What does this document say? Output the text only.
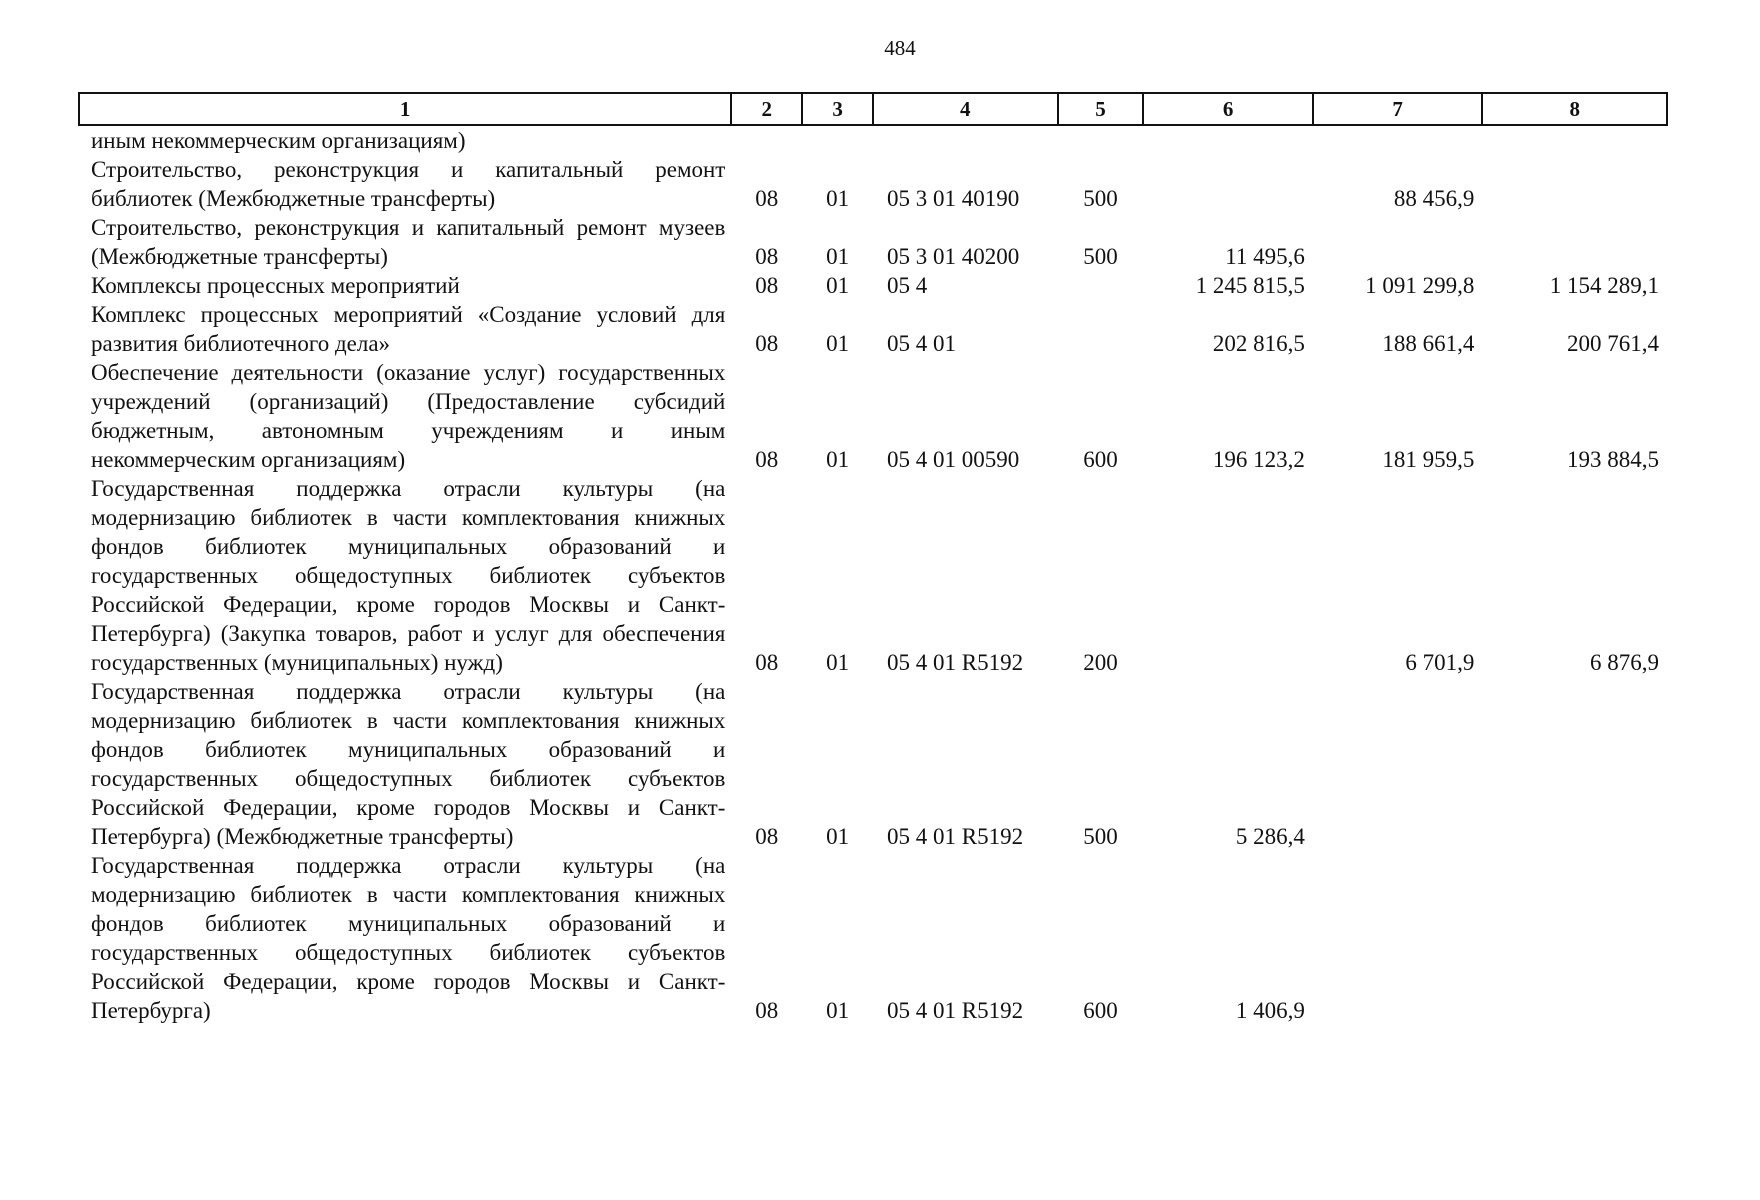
484
1	2	3	4	5	6	7	8
иным некоммерческим организациям)							
Строительство, реконструкция и капитальный ремонт библиотек (Межбюджетные трансферты)	08	01	05 3 01 40190	500		88 456,9	
Строительство, реконструкция и капитальный ремонт музеев (Межбюджетные трансферты)	08	01	05 3 01 40200	500	11 495,6		
Комплексы процессных мероприятий	08	01	05 4		1 245 815,5	1 091 299,8	1 154 289,1
Комплекс процессных мероприятий «Создание условий для развития библиотечного дела»	08	01	05 4 01		202 816,5	188 661,4	200 761,4
Обеспечение деятельности (оказание услуг) государственных учреждений (организаций) (Предоставление субсидий бюджетным, автономным учреждениям и иным некоммерческим организациям)	08	01	05 4 01 00590	600	196 123,2	181 959,5	193 884,5
Государственная поддержка отрасли культуры (на модернизацию библиотек в части комплектования книжных фондов библиотек муниципальных образований и государственных общедоступных библиотек субъектов Российской Федерации, кроме городов Москвы и Санкт-Петербурга) (Закупка товаров, работ и услуг для обеспечения государственных (муниципальных) нужд)	08	01	05 4 01 R5192	200		6 701,9	6 876,9
Государственная поддержка отрасли культуры (на модернизацию библиотек в части комплектования книжных фондов библиотек муниципальных образований и государственных общедоступных библиотек субъектов Российской Федерации, кроме городов Москвы и Санкт-Петербурга) (Межбюджетные трансферты)	08	01	05 4 01 R5192	500	5 286,4		
Государственная поддержка отрасли культуры (на модернизацию библиотек в части комплектования книжных фондов библиотек муниципальных образований и государственных общедоступных библиотек субъектов Российской Федерации, кроме городов Москвы и Санкт-Петербурга)	08	01	05 4 01 R5192	600	1 406,9		
